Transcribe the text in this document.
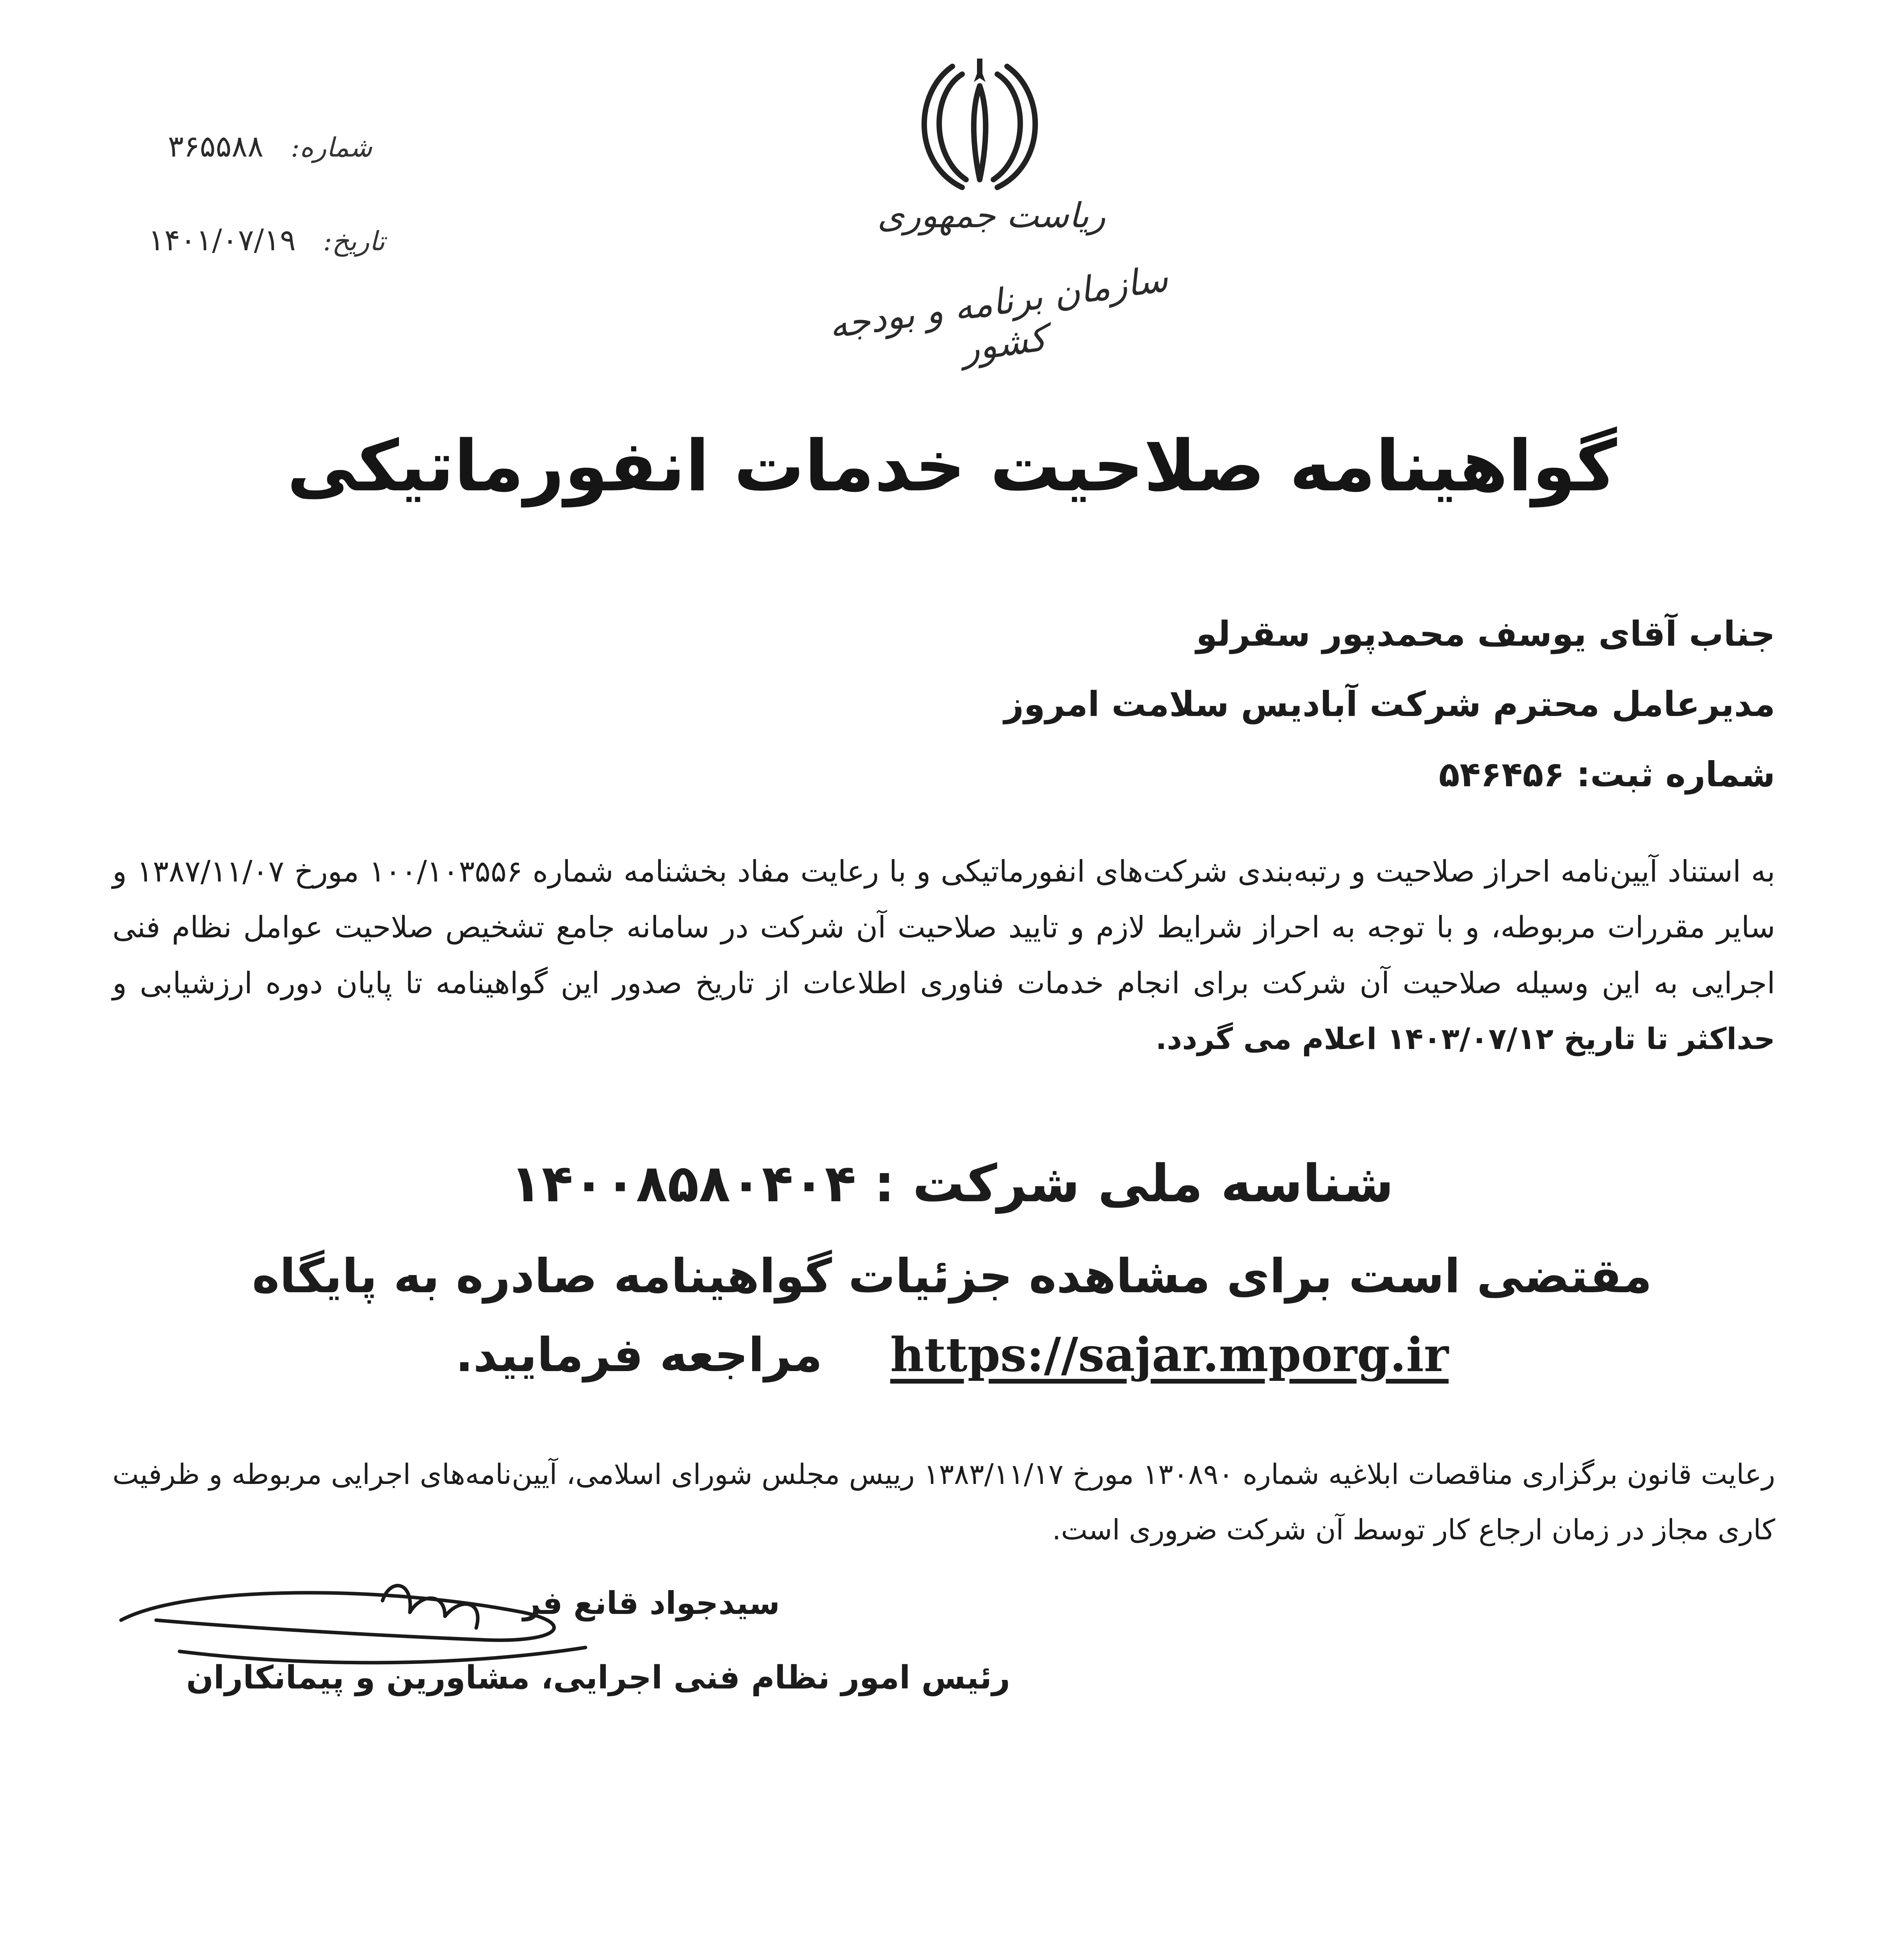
شماره:
۳۶۵۵۸۸
تاریخ:
۱۴۰۱/۰۷/۱۹
ریاست جمهوری
سازمان برنامه و بودجه کشور
گواهینامه صلاحیت خدمات انفورماتیکی
جناب آقای یوسف محمدپور سقرلو
مدیرعامل محترم شرکت آبادیس سلامت امروز
شماره ثبت: ۵۴۶۴۵۶
به استناد آیین‌نامه احراز صلاحیت و رتبه‌بندی شرکت‌های انفورماتیکی و با رعایت مفاد بخشنامه شماره ۱۰۰/۱۰۳۵۵۶ مورخ ۱۳۸۷/۱۱/۰۷ و سایر مقررات مربوطه، و با توجه به احراز شرایط لازم و تایید صلاحیت آن شرکت در سامانه جامع تشخیص صلاحیت عوامل نظام فنی اجرایی به این وسیله صلاحیت آن شرکت برای انجام خدمات فناوری اطلاعات از تاریخ صدور این گواهینامه تا پایان دوره ارزشیابی و حداکثر تا تاریخ ۱۴۰۳/۰۷/۱۲ اعلام می گردد.
شناسه ملی شرکت : ۱۴۰۰۸۵۸۰۴۰۴
مقتضی است برای مشاهده جزئیات گواهینامه صادره به پایگاه
مراجعه فرمایید. https://sajar.mporg.ir
رعایت قانون برگزاری مناقصات ابلاغیه شماره ۱۳۰۸۹۰ مورخ ۱۳۸۳/۱۱/۱۷ رییس مجلس شورای اسلامی، آیین‌نامه‌های اجرایی مربوطه و ظرفیت کاری مجاز در زمان ارجاع کار توسط آن شرکت ضروری است.
سیدجواد قانع فر
رئیس امور نظام فنی اجرایی، مشاورین و پیمانکاران
